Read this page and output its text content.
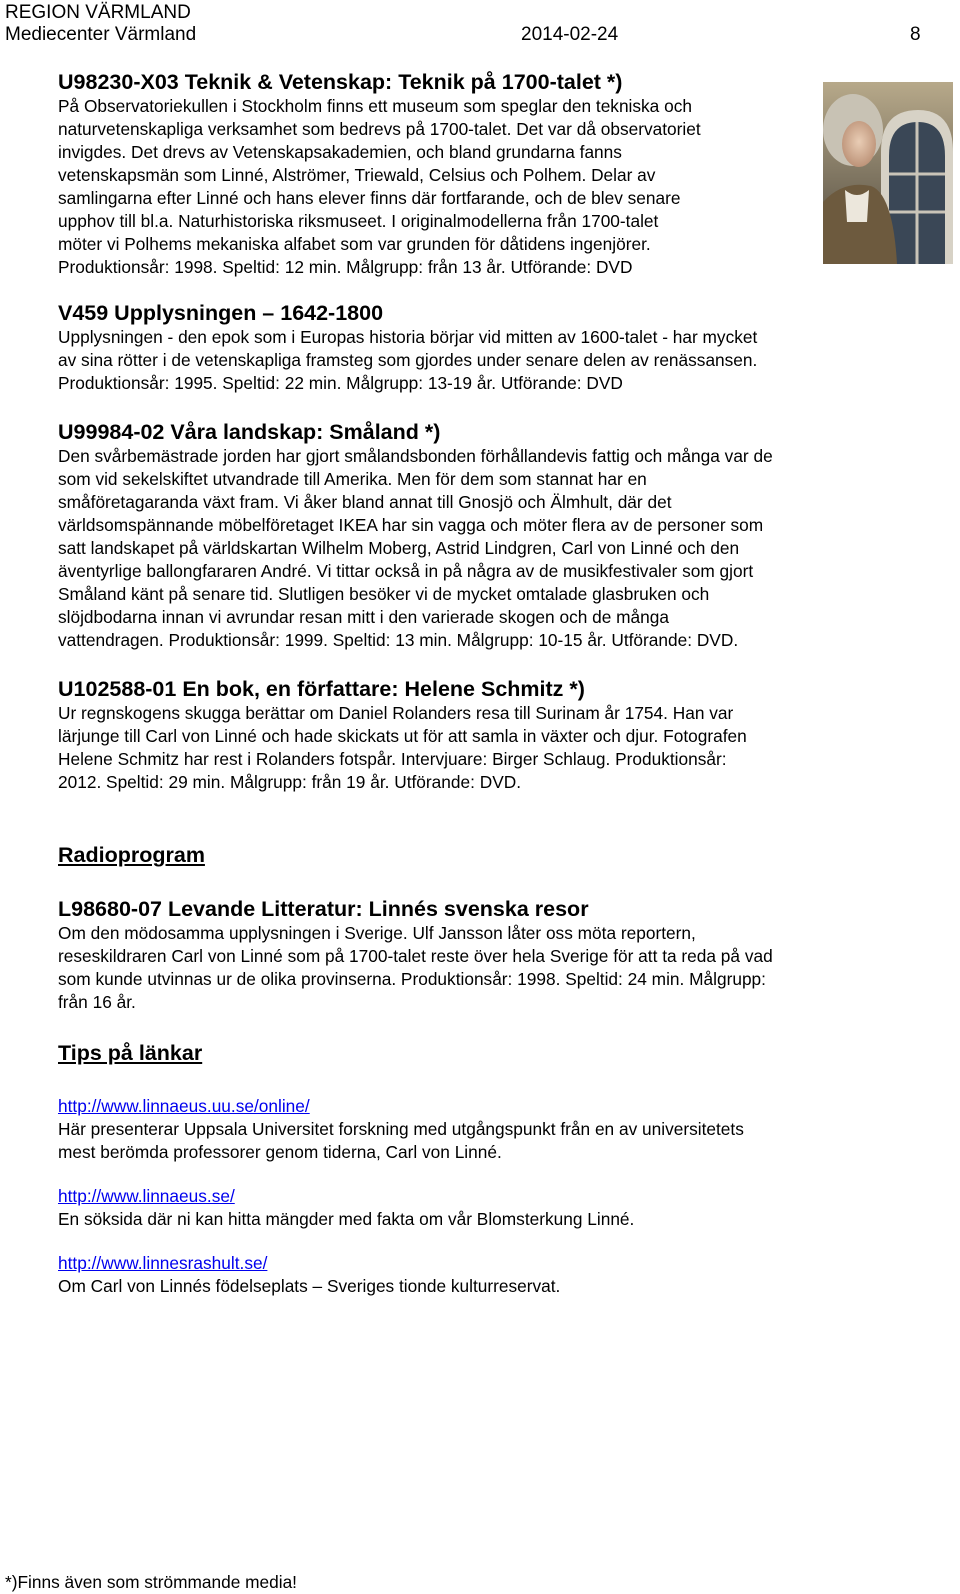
REGION VÄRMLAND
Mediecenter Värmland	2014-02-24	8

U98230-X03 Teknik & Vetenskap: Teknik på 1700-talet *)

På Observatoriekullen i Stockholm finns ett museum som speglar den tekniska och

naturvetenskapliga verksamhet som bedrevs på 1700-talet. Det var då observatoriet

invigdes. Det drevs av Vetenskapsakademien, och bland grundarna fanns

vetenskapsmän som Linné, Alströmer, Triewald, Celsius och Polhem. Delar av

samlingarna efter Linné och hans elever finns där fortfarande, och de blev senare

upphov till bl.a. Naturhistoriska riksmuseet. I originalmodellerna från 1700-talet

möter vi Polhems mekaniska alfabet som var grunden för dåtidens ingenjörer.

Produktionsår: 1998. Speltid: 12 min. Målgrupp: från 13 år. Utförande: DVD

V459 Upplysningen – 1642-1800

Upplysningen - den epok som i Europas historia börjar vid mitten av 1600-talet - har mycket

av sina rötter i de vetenskapliga framsteg som gjordes under senare delen av renässansen.

Produktionsår: 1995. Speltid: 22 min. Målgrupp: 13-19 år. Utförande: DVD

U99984-02 Våra landskap: Småland *)

Den svårbemästrade jorden har gjort smålandsbonden förhållandevis fattig och många var de

som vid sekelskiftet utvandrade till Amerika. Men för dem som stannat har en

småföretagaranda växt fram. Vi åker bland annat till Gnosjö och Älmhult, där det

världsomspännande möbelföretaget IKEA har sin vagga och möter flera av de personer som

satt landskapet på världskartan Wilhelm Moberg, Astrid Lindgren, Carl von Linné och den

äventyrlige ballongfararen André. Vi tittar också in på några av de musikfestivaler som gjort

Småland känt på senare tid. Slutligen besöker vi de mycket omtalade glasbruken och

slöjdbodarna innan vi avrundar resan mitt i den varierade skogen och de många

vattendragen. Produktionsår: 1999. Speltid: 13 min. Målgrupp: 10-15 år. Utförande: DVD.

U102588-01 En bok, en författare: Helene Schmitz *)

Ur regnskogens skugga berättar om Daniel Rolanders resa till Surinam år 1754. Han var

lärjunge till Carl von Linné och hade skickats ut för att samla in växter och djur. Fotografen

Helene Schmitz har rest i Rolanders fotspår. Intervjuare: Birger Schlaug. Produktionsår:

2012. Speltid: 29 min. Målgrupp: från 19 år. Utförande: DVD.

Radioprogram

L98680-07 Levande Litteratur: Linnés svenska resor

Om den mödosamma upplysningen i Sverige. Ulf Jansson låter oss möta reportern,

reseskildraren Carl von Linné som på 1700-talet reste över hela Sverige för att ta reda på vad

som kunde utvinnas ur de olika provinserna. Produktionsår: 1998. Speltid: 24 min. Målgrupp:

från 16 år.

Tips på länkar

http://www.linnaeus.uu.se/online/

Här presenterar Uppsala Universitet forskning med utgångspunkt från en av universitetets

mest berömda professorer genom tiderna, Carl von Linné.

http://www.linnaeus.se/

En söksida där ni kan hitta mängder med fakta om vår Blomsterkung Linné.

http://www.linnesrashult.se/

Om Carl von Linnés födelseplats – Sveriges tionde kulturreservat.

*)Finns även som strömmande media!
